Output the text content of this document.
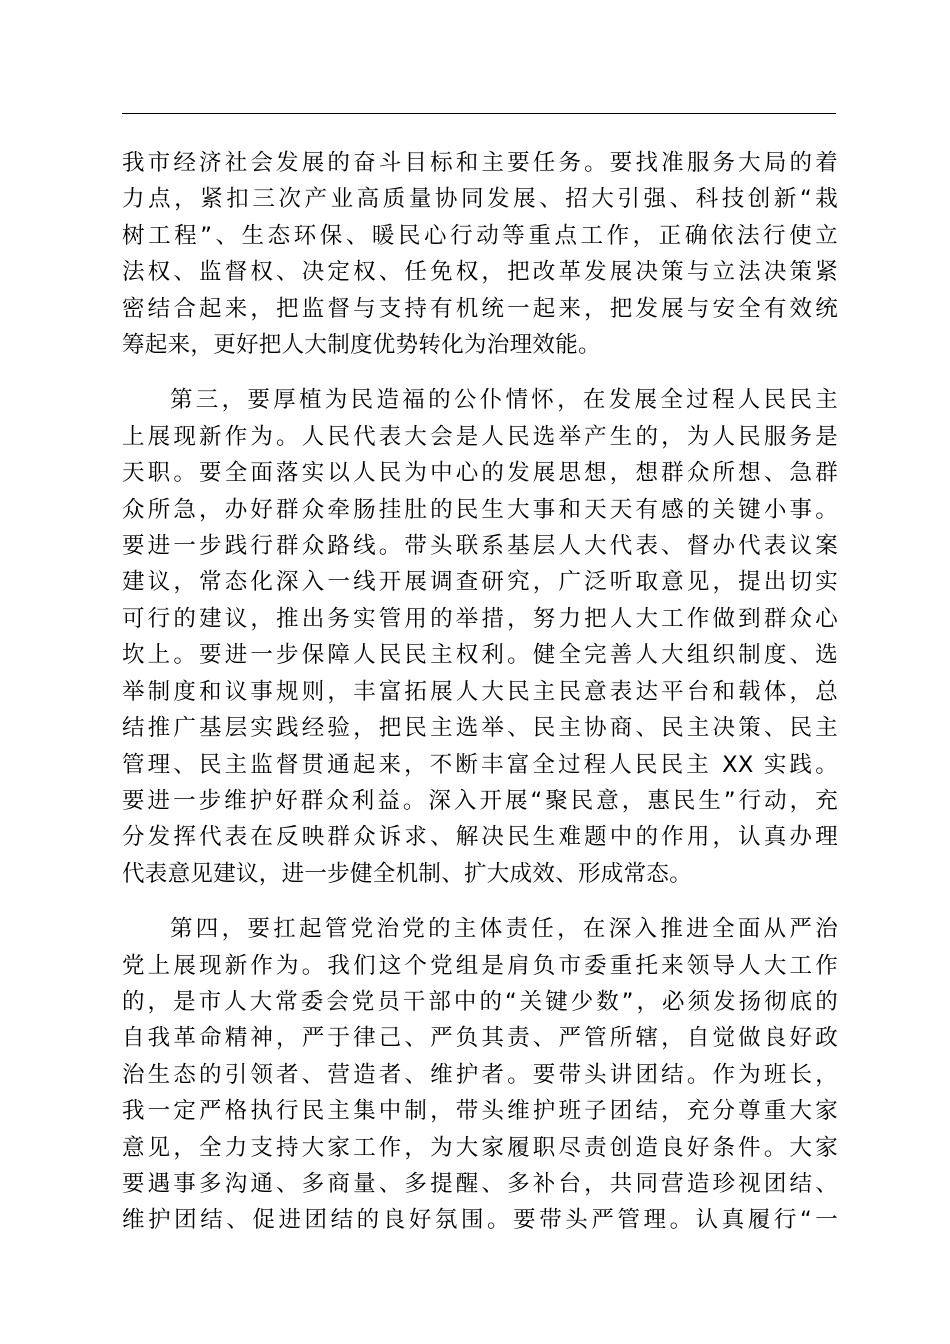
我市经济社会发展的奋斗目标和主要任务。要找准服务大局的着
力点，紧扣三次产业高质量协同发展、招大引强、科技创新“栽
树工程”、生态环保、暖民心行动等重点工作，正确依法行使立
法权、监督权、决定权、任免权，把改革发展决策与立法决策紧
密结合起来，把监督与支持有机统一起来，把发展与安全有效统
筹起来，更好把人大制度优势转化为治理效能。
第三，要厚植为民造福的公仆情怀，在发展全过程人民民主
上展现新作为。人民代表大会是人民选举产生的，为人民服务是
天职。要全面落实以人民为中心的发展思想，想群众所想、急群
众所急，办好群众牵肠挂肚的民生大事和天天有感的关键小事。
要进一步践行群众路线。带头联系基层人大代表、督办代表议案
建议，常态化深入一线开展调查研究，广泛听取意见，提出切实
可行的建议，推出务实管用的举措，努力把人大工作做到群众心
坎上。要进一步保障人民民主权利。健全完善人大组织制度、选
举制度和议事规则，丰富拓展人大民主民意表达平台和载体，总
结推广基层实践经验，把民主选举、民主协商、民主决策、民主
管理、民主监督贯通起来，不断丰富全过程人民民主 XX 实践。
要进一步维护好群众利益。深入开展“聚民意，惠民生”行动，充
分发挥代表在反映群众诉求、解决民生难题中的作用，认真办理
代表意见建议，进一步健全机制、扩大成效、形成常态。
第四，要扛起管党治党的主体责任，在深入推进全面从严治
党上展现新作为。我们这个党组是肩负市委重托来领导人大工作
的，是市人大常委会党员干部中的“关键少数”，必须发扬彻底的
自我革命精神，严于律己、严负其责、严管所辖，自觉做良好政
治生态的引领者、营造者、维护者。要带头讲团结。作为班长，
我一定严格执行民主集中制，带头维护班子团结，充分尊重大家
意见，全力支持大家工作，为大家履职尽责创造良好条件。大家
要遇事多沟通、多商量、多提醒、多补台，共同营造珍视团结、
维护团结、促进团结的良好氛围。要带头严管理。认真履行“一
